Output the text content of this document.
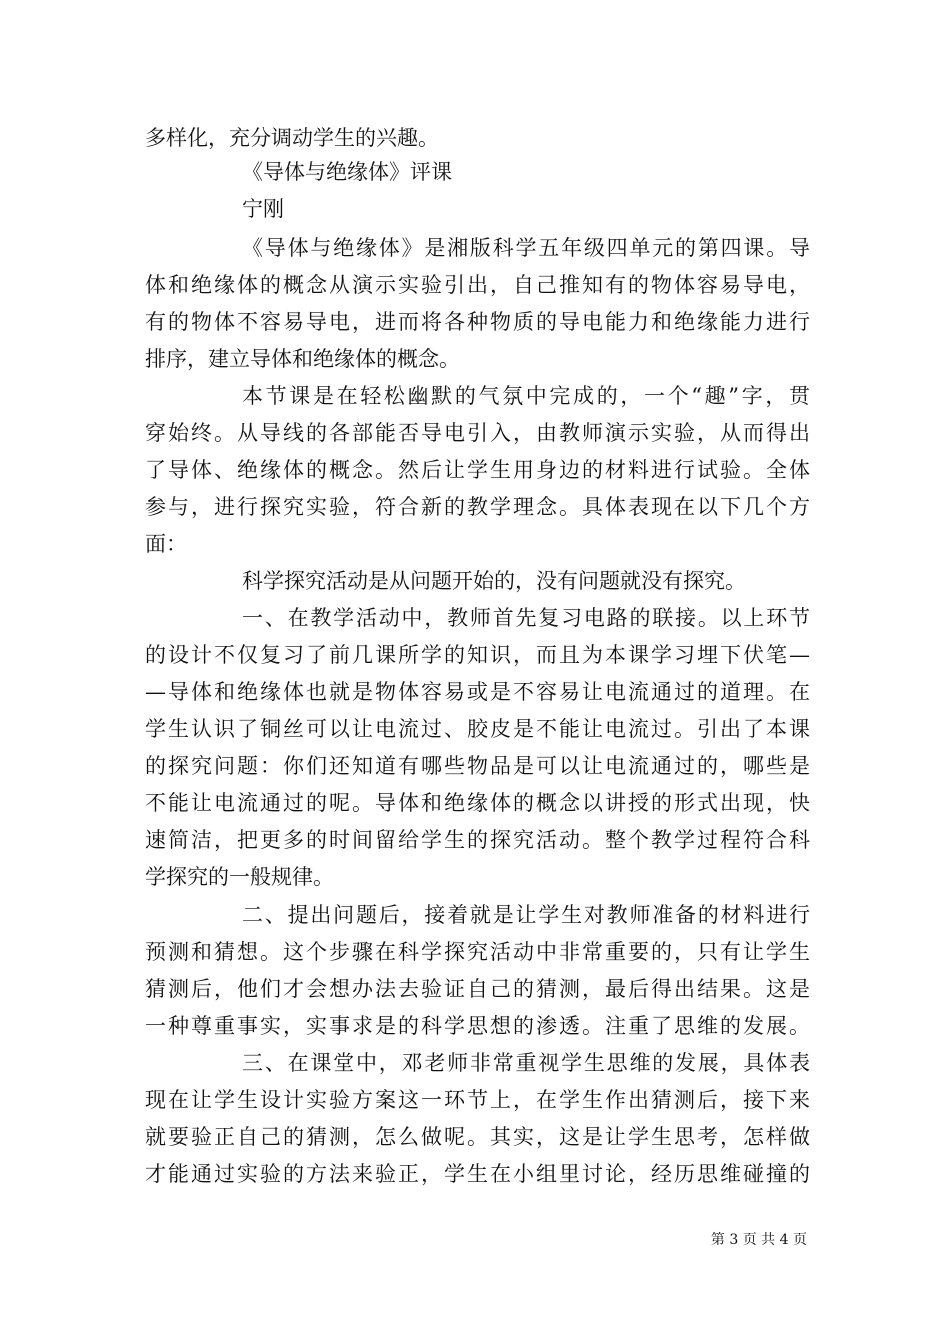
多样化，充分调动学生的兴趣。
《导体与绝缘体》评课
宁刚
《导体与绝缘体》是湘版科学五年级四单元的第四课。导
体和绝缘体的概念从演示实验引出，自己推知有的物体容易导电，
有的物体不容易导电，进而将各种物质的导电能力和绝缘能力进行
排序，建立导体和绝缘体的概念。
本节课是在轻松幽默的气氛中完成的，一个“趣”字，贯
穿始终。从导线的各部能否导电引入，由教师演示实验，从而得出
了导体、绝缘体的概念。然后让学生用身边的材料进行试验。全体
参与，进行探究实验，符合新的教学理念。具体表现在以下几个方
面：
科学探究活动是从问题开始的，没有问题就没有探究。
一、在教学活动中，教师首先复习电路的联接。以上环节
的设计不仅复习了前几课所学的知识，而且为本课学习埋下伏笔—
—导体和绝缘体也就是物体容易或是不容易让电流通过的道理。在
学生认识了铜丝可以让电流过、胶皮是不能让电流过。引出了本课
的探究问题：你们还知道有哪些物品是可以让电流通过的，哪些是
不能让电流通过的呢。导体和绝缘体的概念以讲授的形式出现，快
速简洁，把更多的时间留给学生的探究活动。整个教学过程符合科
学探究的一般规律。
二、提出问题后，接着就是让学生对教师准备的材料进行
预测和猜想。这个步骤在科学探究活动中非常重要的，只有让学生
猜测后，他们才会想办法去验证自己的猜测，最后得出结果。这是
一种尊重事实，实事求是的科学思想的渗透。注重了思维的发展。
三、在课堂中，邓老师非常重视学生思维的发展，具体表
现在让学生设计实验方案这一环节上，在学生作出猜测后，接下来
就要验正自己的猜测，怎么做呢。其实，这是让学生思考，怎样做
才能通过实验的方法来验正，学生在小组里讨论，经历思维碰撞的
第 3 页 共 4 页
